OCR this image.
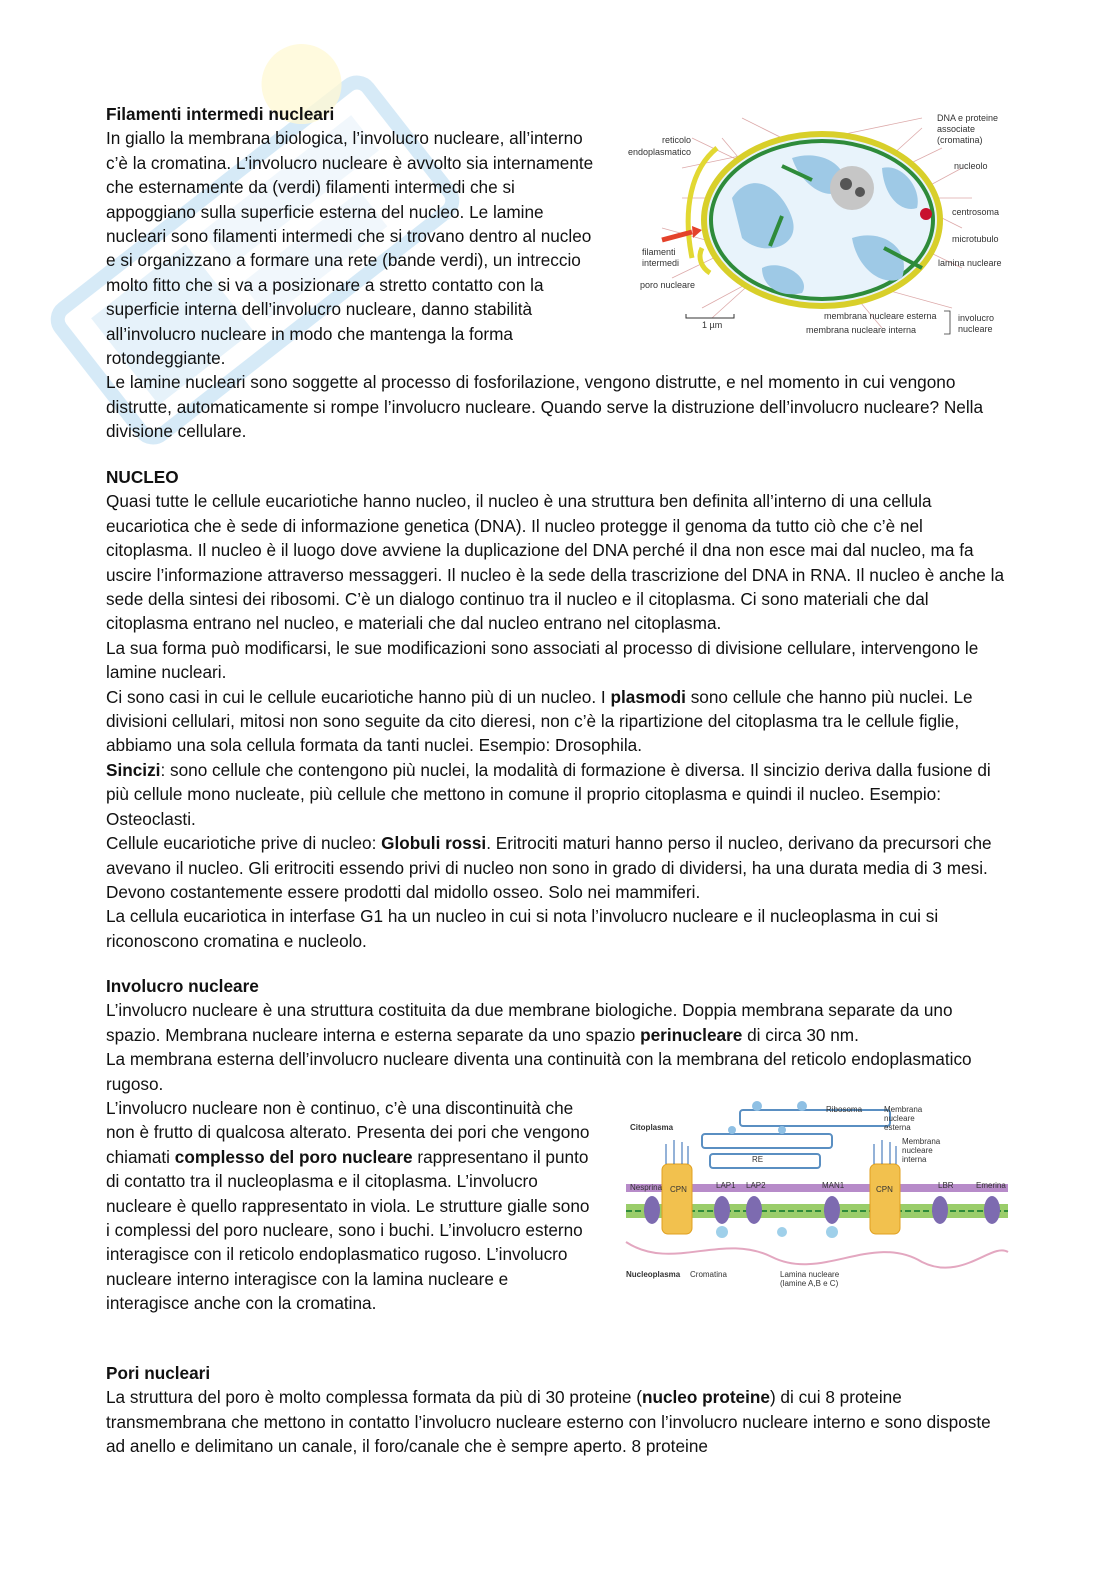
Filamenti intermedi nucleari

In giallo la membrana biologica, l’involucro nucleare, all’interno c’è la cromatina. L’involucro nucleare è avvolto sia internamente che esternamente da (verdi) filamenti intermedi che si appoggiano sulla superficie esterna del nucleo. Le lamine nucleari sono filamenti intermedi che si trovano dentro al nucleo e si organizzano a formare una rete (bande verdi), un intreccio molto fitto che si va a posizionare a stretto contatto con la superficie interna dell’involucro nucleare, danno stabilità all’involucro nucleare in modo che mantenga la forma rotondeggiante.

Le lamine nucleari sono soggette al processo di fosforilazione, vengono distrutte, e nel momento in cui vengono distrutte, automaticamente si rompe l’involucro nucleare. Quando serve la distruzione dell’involucro nucleare? Nella divisione cellulare.

reticolo
endoplasmatico
filamenti
intermedi
poro nucleare
DNA e proteine
associate
(cromatina)
nucleolo
centrosoma
microtubulo
lamina nucleare
membrana nucleare esterna
membrana nucleare interna
involucro
nucleare
1 µm

NUCLEO

Quasi tutte le cellule eucariotiche hanno nucleo, il nucleo è una struttura ben definita all’interno di una cellula eucariotica che è sede di informazione genetica (DNA). Il nucleo protegge il genoma da tutto ciò che c’è nel citoplasma. Il nucleo è il luogo dove avviene la duplicazione del DNA perché il dna non esce mai dal nucleo, ma fa uscire l’informazione attraverso messaggeri. Il nucleo è la sede della trascrizione del DNA in RNA. Il nucleo è anche la sede della sintesi dei ribosomi. C’è un dialogo continuo tra il nucleo e il citoplasma. Ci sono materiali che dal citoplasma entrano nel nucleo, e materiali che dal nucleo entrano nel citoplasma.

La sua forma può modificarsi, le sue modificazioni sono associati al processo di divisione cellulare, intervengono le lamine nucleari.

Ci sono casi in cui le cellule eucariotiche hanno più di un nucleo. I plasmodi sono cellule che hanno più nuclei. Le divisioni cellulari, mitosi non sono seguite da cito dieresi, non c’è la ripartizione del citoplasma tra le cellule figlie, abbiamo una sola cellula formata da tanti nuclei. Esempio: Drosophila.

Sincizi: sono cellule che contengono più nuclei, la modalità di formazione è diversa. Il sincizio deriva dalla fusione di più cellule mono nucleate, più cellule che mettono in comune il proprio citoplasma e quindi il nucleo. Esempio: Osteoclasti.

Cellule eucariotiche prive di nucleo: Globuli rossi. Eritrociti maturi hanno perso il nucleo, derivano da precursori che avevano il nucleo. Gli eritrociti essendo privi di nucleo non sono in grado di dividersi, ha una durata media di 3 mesi. Devono costantemente essere prodotti dal midollo osseo. Solo nei mammiferi.

La cellula eucariotica in interfase G1 ha un nucleo in cui si nota l’involucro nucleare e il nucleoplasma in cui si riconoscono cromatina e nucleolo.

Involucro nucleare

L’involucro nucleare è una struttura costituita da due membrane biologiche. Doppia membrana separate da uno spazio. Membrana nucleare interna e esterna separate da uno spazio perinucleare di circa 30 nm.

La membrana esterna dell’involucro nucleare diventa una continuità con la membrana del reticolo endoplasmatico rugoso.

L’involucro nucleare non è continuo, c’è una discontinuità che non è frutto di qualcosa alterato. Presenta dei pori che vengono chiamati complesso del poro nucleare rappresentano il punto di contatto tra il nucleoplasma e il citoplasma. L’involucro nucleare è quello rappresentato in viola. Le strutture gialle sono i complessi del poro nucleare, sono i buchi. L’involucro esterno interagisce con il reticolo endoplasmatico rugoso. L’involucro nucleare interno interagisce con la lamina nucleare e interagisce anche con la cromatina.

Citoplasma
Ribosoma	Membrana
nucleare
esterna
Membrana
nucleare
interna
RE
Nesprina CPN	LAP1 LAP2	MAN1	CPN	LBR	Emerina
Nucleoplasma Cromatina	Lamina nucleare
(lamine A,B e C)

Pori nucleari

La struttura del poro è molto complessa formata da più di 30 proteine (nucleo proteine) di cui 8 proteine transmembrana che mettono in contatto l’involucro nucleare esterno con l’involucro nucleare interno e sono disposte ad anello e delimitano un canale, il foro/canale che è sempre aperto. 8 proteine
